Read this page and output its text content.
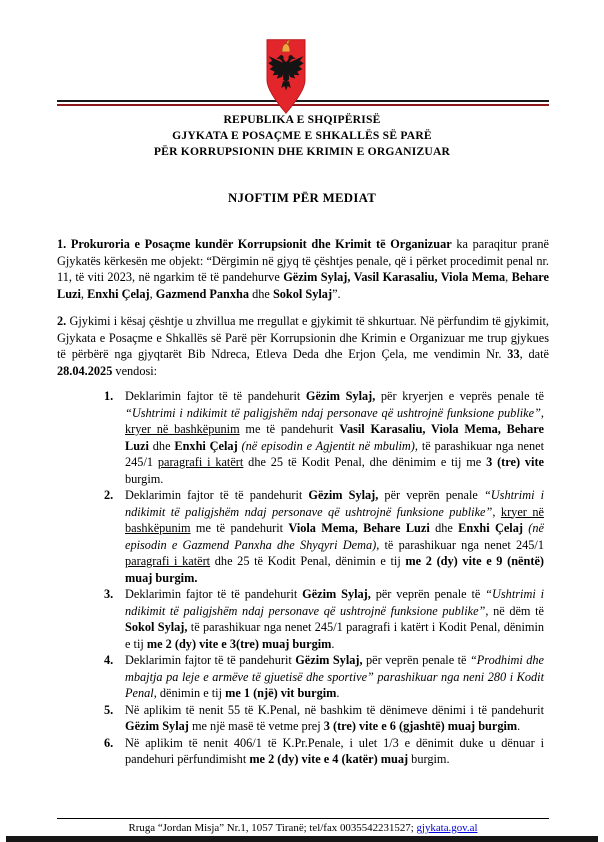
REPUBLIKA E SHQIPËRISË
GJYKATA E POSAÇME E SHKALLËS SË PARË
PËR KORRUPSIONIN DHE KRIMIN E ORGANIZUAR
NJOFTIM PËR MEDIAT

1. Prokuroria e Posaçme kundër Korrupsionit dhe Krimit të Organizuar ka paraqitur pranë Gjykatës kërkesën me objekt: “Dërgimin në gjyq të çështjes penale, që i përket procedimit penal nr. 11, të viti 2023, në ngarkim të të pandehurve Gëzim Sylaj, Vasil Karasaliu, Viola Mema, Behare Luzi, Enxhi Çelaj, Gazmend Panxha dhe Sokol Sylaj”.

2. Gjykimi i kësaj çështje u zhvillua me rregullat e gjykimit të shkurtuar. Në përfundim të gjykimit, Gjykata e Posaçme e Shkallës së Parë për Korrupsionin dhe Krimin e Organizuar me trup gjykues të përbërë nga gjyqtarët Bib Ndreca, Etleva Deda dhe Erjon Çela, me vendimin Nr. 33, datë 28.04.2025 vendosi:

1. Deklarimin fajtor të të pandehurit Gëzim Sylaj, për kryerjen e veprës penale të “Ushtrimi i ndikimit të paligjshëm ndaj personave që ushtrojnë funksione publike”, kryer në bashkëpunim me të pandehurit Vasil Karasaliu, Viola Mema, Behare Luzi dhe Enxhi Çelaj (në episodin e Agjentit në mbulim), të parashikuar nga nenet 245/1 paragrafi i katërt dhe 25 të Kodit Penal, dhe dënimim e tij me 3 (tre) vite burgim.
2. Deklarimin fajtor të të pandehurit Gëzim Sylaj, për veprën penale “Ushtrimi i ndikimit të paligjshëm ndaj personave që ushtrojnë funksione publike”, kryer në bashkëpunim me të pandehurit Viola Mema, Behare Luzi dhe Enxhi Çelaj (në episodin e Gazmend Panxha dhe Shyqyri Dema), të parashikuar nga nenet 245/1 paragrafi i katërt dhe 25 të Kodit Penal, dënimin e tij me 2 (dy) vite e 9 (nëntë) muaj burgim.
3. Deklarimin fajtor të të pandehurit Gëzim Sylaj, për veprën penale të “Ushtrimi i ndikimit të paligjshëm ndaj personave që ushtrojnë funksione publike”, në dëm të Sokol Sylaj, të parashikuar nga nenet 245/1 paragrafi i katërt i Kodit Penal, dënimin e tij me 2 (dy) vite e 3(tre) muaj burgim.
4. Deklarimin fajtor të të pandehurit Gëzim Sylaj, për veprën penale të “Prodhimi dhe mbajtja pa leje e armëve të gjuetisë dhe sportive” parashikuar nga neni 280 i Kodit Penal, dënimin e tij me 1 (një) vit burgim.
5. Në aplikim të nenit 55 të K.Penal, në bashkim të dënimeve dënimi i të pandehurit Gëzim Sylaj me një masë të vetme prej 3 (tre) vite e 6 (gjashtë) muaj burgim.
6. Në aplikim të nenit 406/1 të K.Pr.Penale, i ulet 1/3 e dënimit duke u dënuar i pandehuri përfundimisht me 2 (dy) vite e 4 (katër) muaj burgim.
Rruga “Jordan Misja” Nr.1, 1057 Tiranë; tel/fax 0035542231527; gjykata.gov.al
